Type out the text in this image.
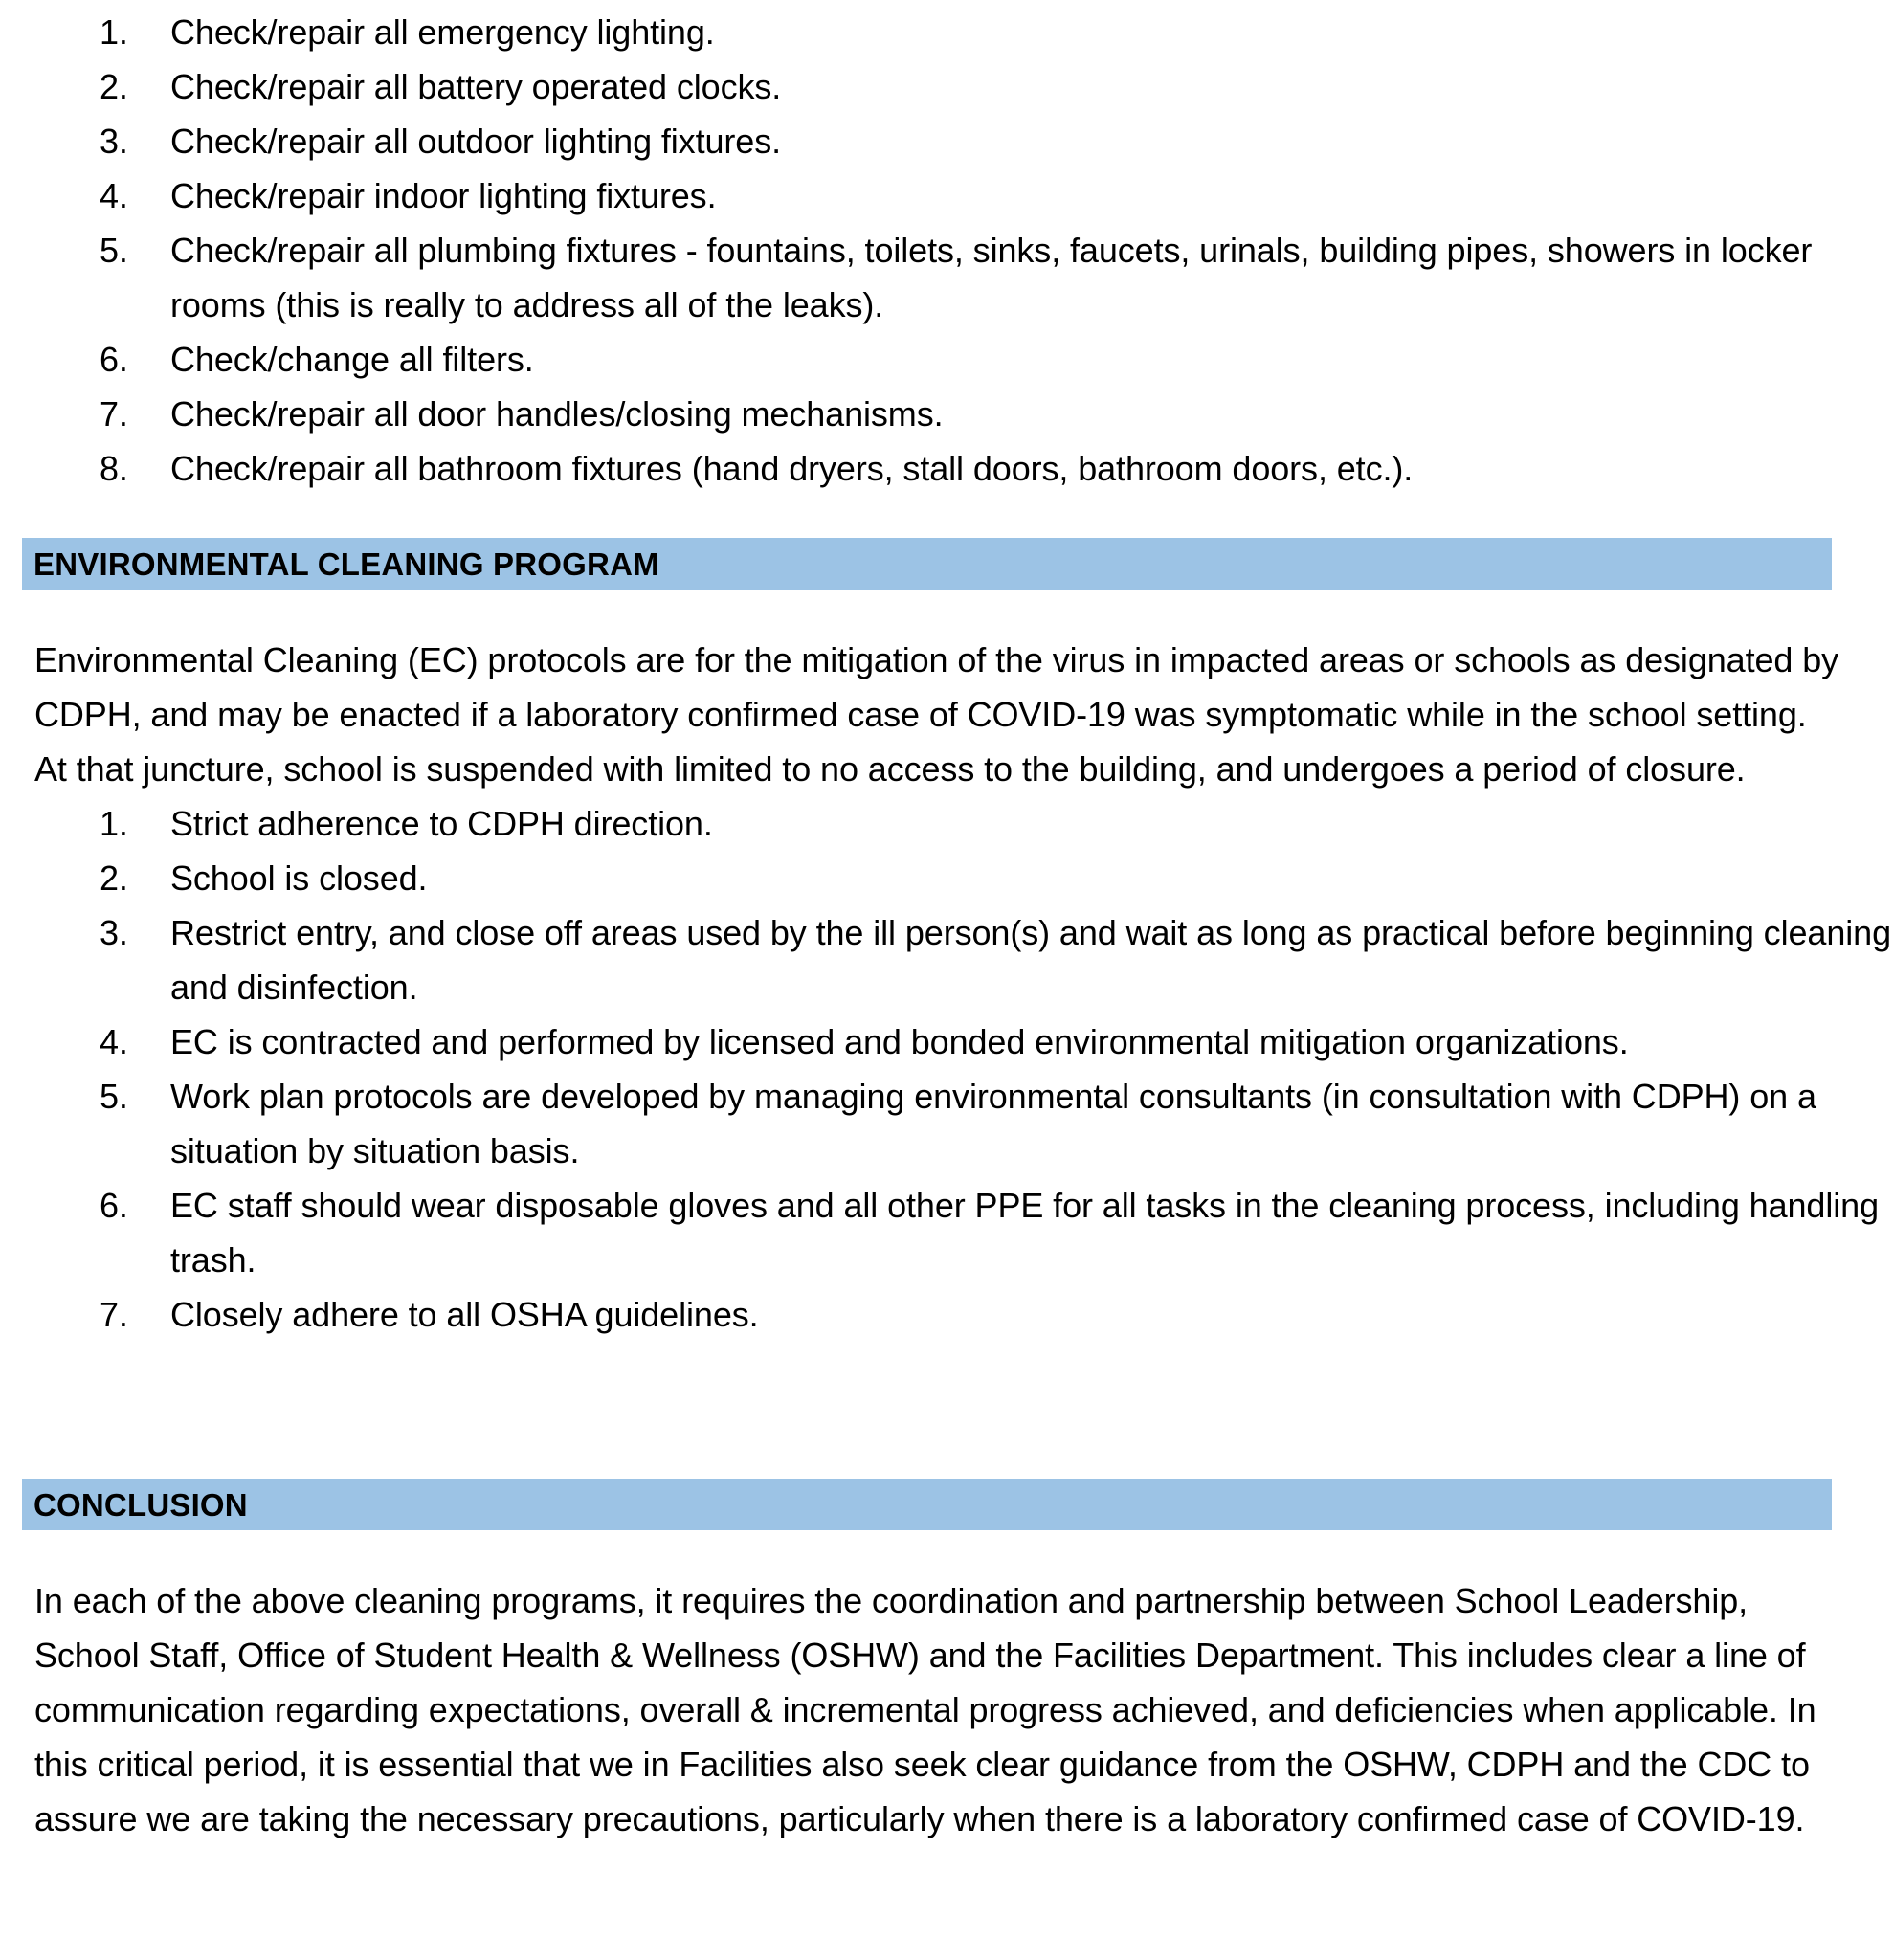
1.	Check/repair all emergency lighting.
2.	Check/repair all battery operated clocks.
3.	Check/repair all outdoor lighting fixtures.
4.	Check/repair indoor lighting fixtures.
5.	Check/repair all plumbing fixtures - fountains, toilets, sinks, faucets, urinals, building pipes, showers in locker rooms (this is really to address all of the leaks).
6.	Check/change all filters.
7.	Check/repair all door handles/closing mechanisms.
8.	Check/repair all bathroom fixtures (hand dryers, stall doors, bathroom doors, etc.).
ENVIRONMENTAL CLEANING PROGRAM

Environmental Cleaning (EC) protocols are for the mitigation of the virus in impacted areas or schools as designated by CDPH, and may be enacted if a laboratory confirmed case of COVID-19 was symptomatic while in the school setting. At that juncture, school is suspended with limited to no access to the building, and undergoes a period of closure.

1.	Strict adherence to CDPH direction.
2.	School is closed.
3.	Restrict entry, and close off areas used by the ill person(s) and wait as long as practical before beginning cleaning and disinfection.
4.	EC is contracted and performed by licensed and bonded environmental mitigation organizations.
5.	Work plan protocols are developed by managing environmental consultants (in consultation with CDPH) on a situation by situation basis.
6.	EC staff should wear disposable gloves and all other PPE for all tasks in the cleaning process, including handling trash.
7.	Closely adhere to all OSHA guidelines.
CONCLUSION

In each of the above cleaning programs, it requires the coordination and partnership between School Leadership, School Staff, Office of Student Health & Wellness (OSHW) and the Facilities Department. This includes clear a line of communication regarding expectations, overall & incremental progress achieved, and deficiencies when applicable. In this critical period, it is essential that we in Facilities also seek clear guidance from the OSHW, CDPH and the CDC to assure we are taking the necessary precautions, particularly when there is a laboratory confirmed case of COVID-19.
